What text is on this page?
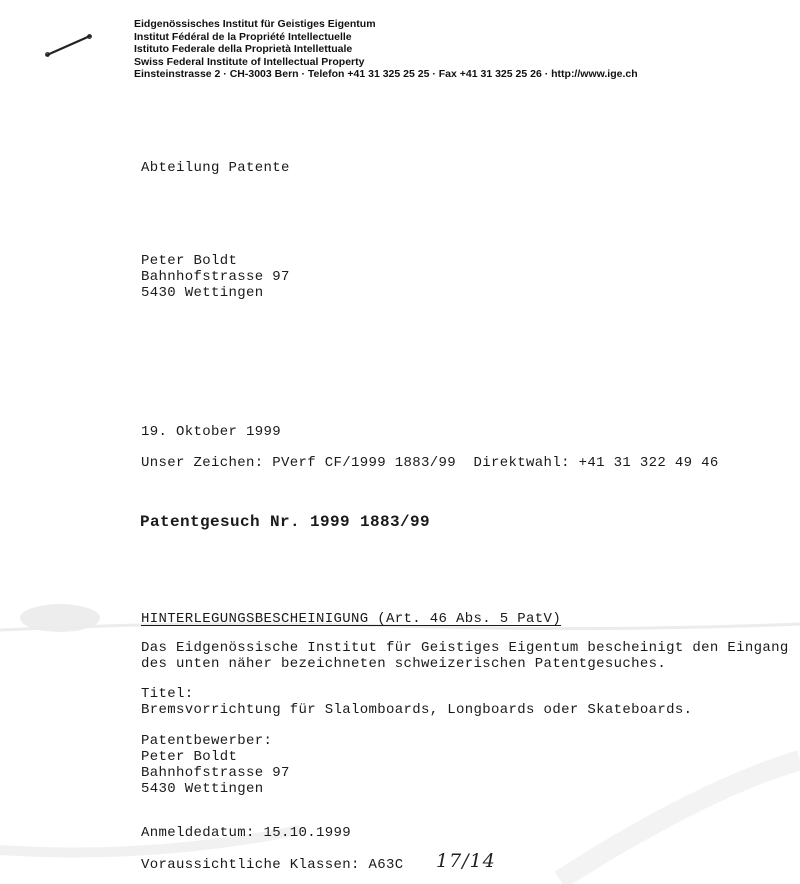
Eidgenössisches Institut für Geistiges Eigentum
Institut Fédéral de la Propriété Intellectuelle
Istituto Federale della Proprietà Intellettuale
Swiss Federal Institute of Intellectual Property
Einsteinstrasse 2 · CH-3003 Bern · Telefon +41 31 325 25 25 · Fax +41 31 325 25 26 · http://www.ige.ch
Abteilung Patente
Peter Boldt
Bahnhofstrasse 97
5430 Wettingen
19. Oktober 1999
Unser Zeichen: PVerf CF/1999 1883/99  Direktwahl: +41 31 322 49 46
Patentgesuch Nr. 1999 1883/99
HINTERLEGUNGSBESCHEINIGUNG (Art. 46 Abs. 5 PatV)
Das Eidgenössische Institut für Geistiges Eigentum bescheinigt den Eingang
des unten näher bezeichneten schweizerischen Patentgesuches.
Titel:
Bremsvorrichtung für Slalomboards, Longboards oder Skateboards.
Patentbewerber:
Peter Boldt
Bahnhofstrasse 97
5430 Wettingen
Anmeldedatum: 15.10.1999
Voraussichtliche Klassen: A63C 17/14
